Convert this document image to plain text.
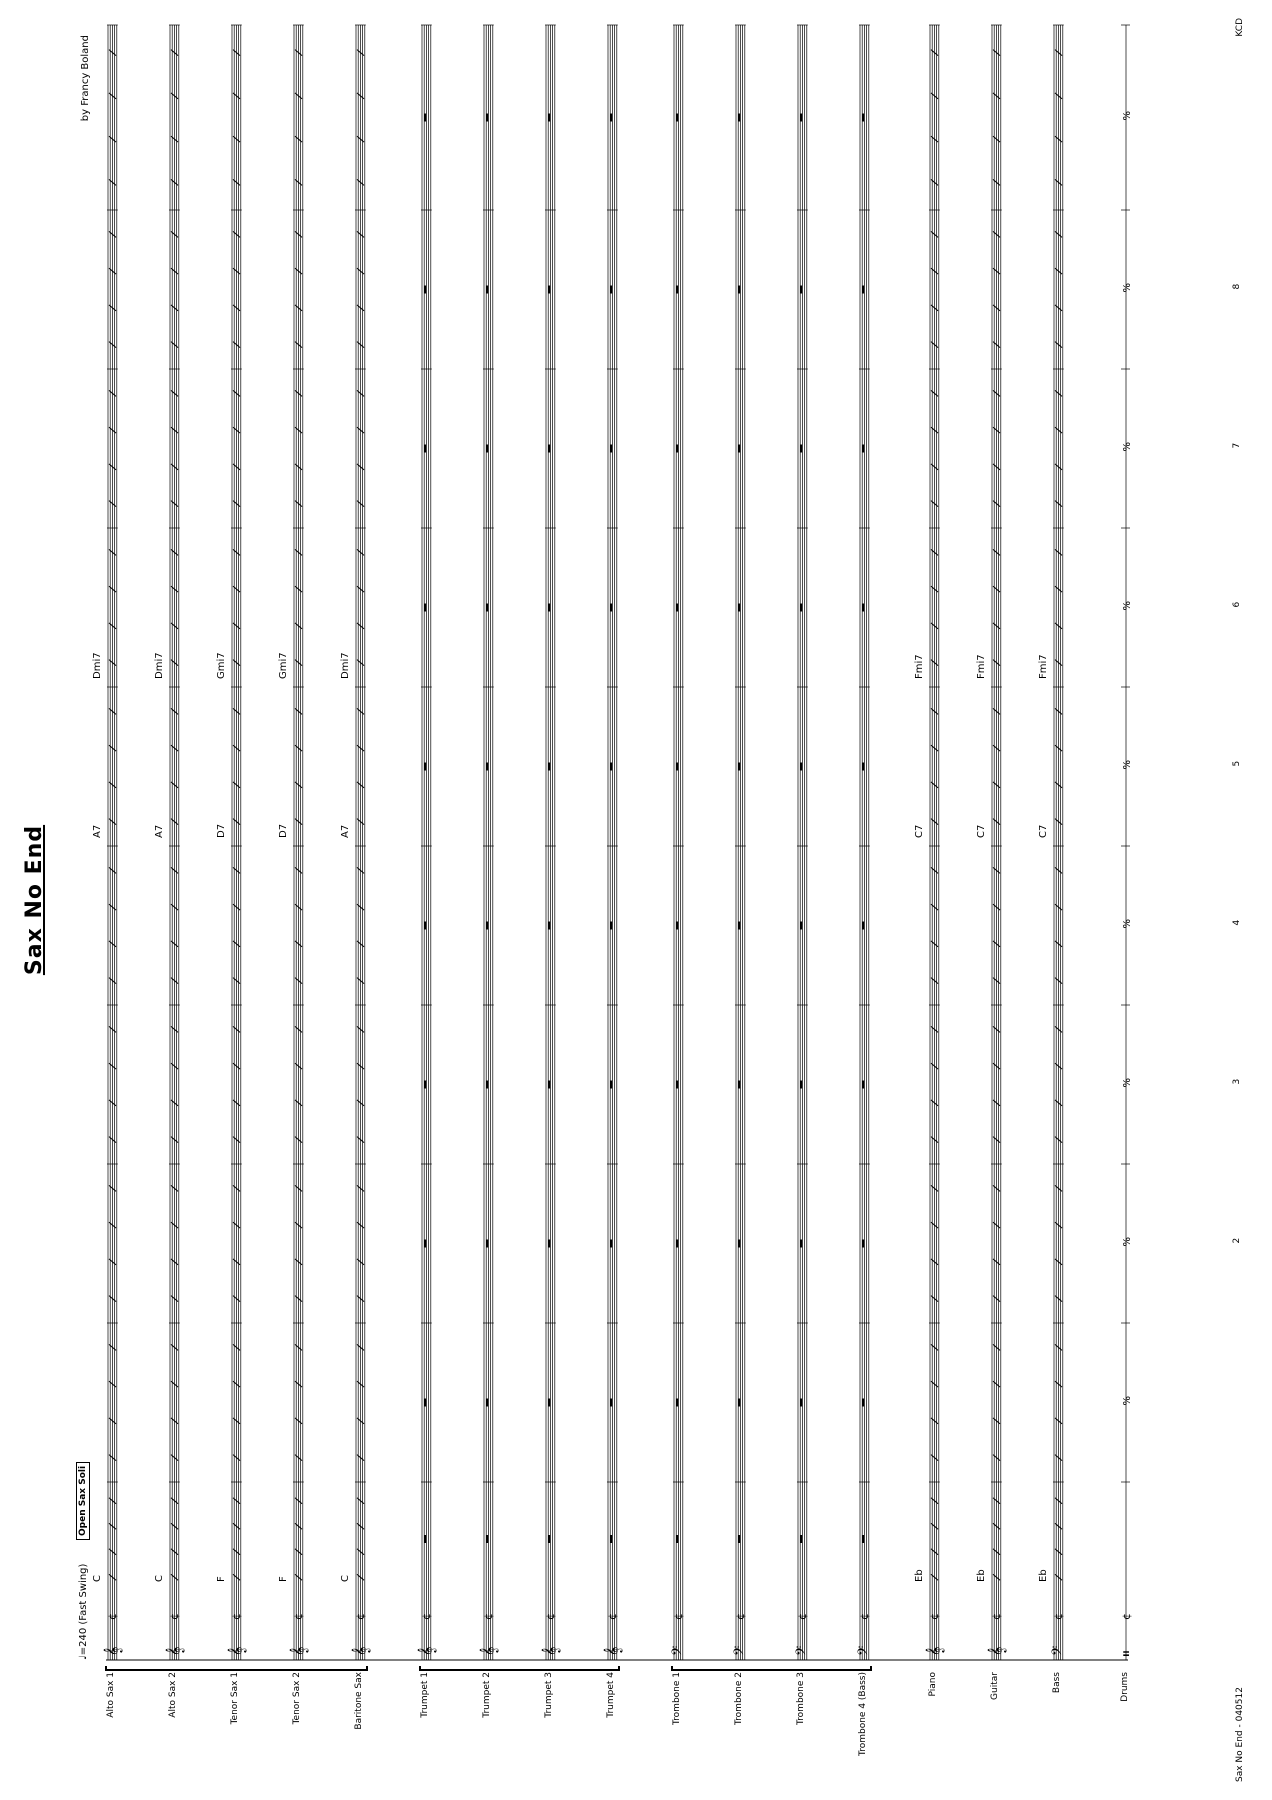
Sax No End
by Francy Boland
♩=240 (Fast Swing)
Open Sax Soli
Sax No End - 040512
KCD
𝄞
¢
𝄞
¢
𝄞
¢
𝄞
¢
𝄞
¢
𝄞
¢
𝄞
¢
𝄞
¢
𝄞
¢
𝄢
¢
𝄢
¢
𝄢
¢
𝄢
¢
𝄞
¢
𝄞
¢
𝄢
¢
𝄥
¢
%
%
%
%
%
%
%
%
%
Alto Sax 1	Alto Sax 2	Tenor Sax 1	Tenor Sax 2	Baritone Sax	Trumpet 1	Trumpet 2	Trumpet 3	Trumpet 4	Trombone 1	Trombone 2	Trombone 3	Trombone 4 (Bass)	Piano	Guitar	Bass	Drums
C
A7
Dmi7
C
A7
Dmi7
F
D7
Gmi7
F
D7
Gmi7
C
A7
Dmi7
Eb
C7
Fmi7
Eb
C7
Fmi7
Eb
C7
Fmi7
2
3
4
5
6
7
8
